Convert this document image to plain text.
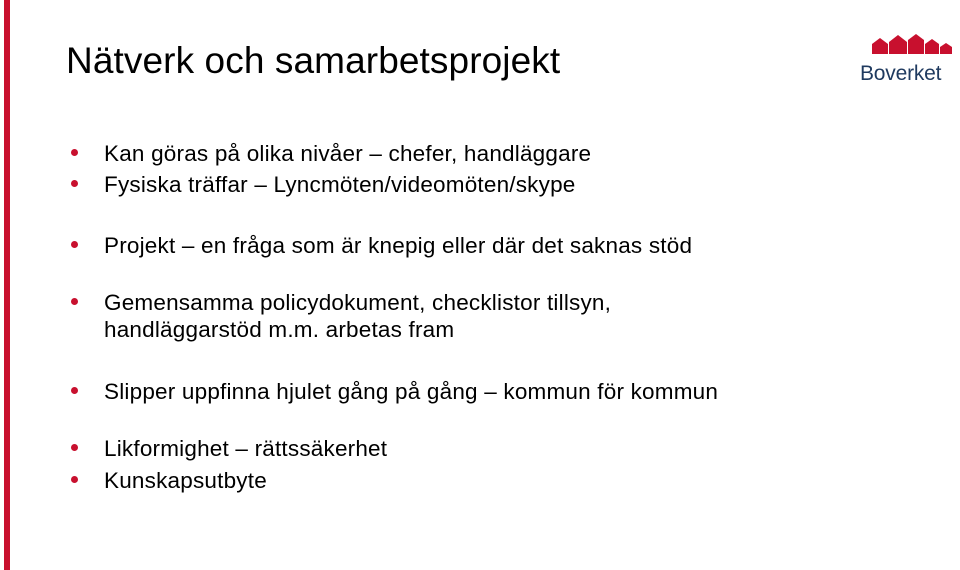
Nätverk och samarbetsprojekt	Boverket
Kan göras på olika nivåer – chefer, handläggare
Fysiska träffar – Lyncmöten/videomöten/skype
Projekt – en fråga som är knepig eller där det saknas stöd
Gemensamma policydokument, checklistor tillsyn, handläggarstöd m.m. arbetas fram
Slipper uppfinna hjulet gång på gång – kommun för kommun
Likformighet – rättssäkerhet
Kunskapsutbyte
